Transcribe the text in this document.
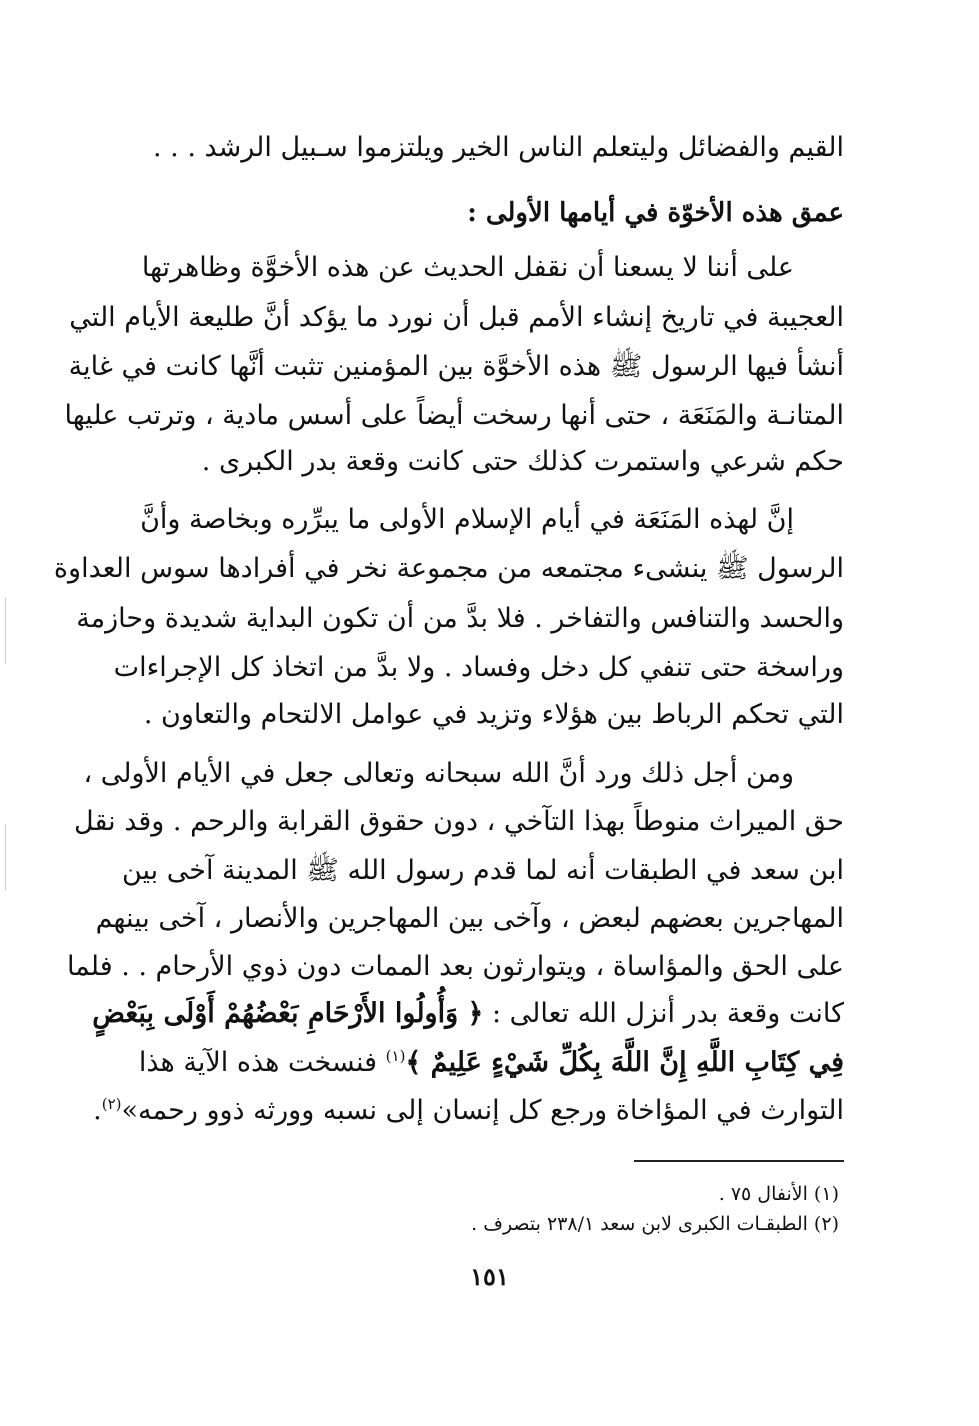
القيم والفضائل وليتعلم الناس الخير ويلتزموا سـبيل الرشد . . .
عمق هذه الأخوّة في أيامها الأولى :
على أننا لا يسعنا أن نقفل الحديث عن هذه الأخوَّة وظاهرتها
العجيبة في تاريخ إنشاء الأمم قبل أن نورد ما يؤكد أنَّ طليعة الأيام التي
أنشأ فيها الرسول ﷺ هذه الأخوَّة بين المؤمنين تثبت أنَّها كانت في غاية
المتانـة والمَنَعَة ، حتى أنها رسخت أيضاً على أسس مادية ، وترتب عليها
حكم شرعي واستمرت كذلك حتى كانت وقعة بدر الكبرى .
إنَّ لهذه المَنَعَة في أيام الإسلام الأولى ما يبرِّره وبخاصة وأنَّ
الرسول ﷺ ينشىء مجتمعه من مجموعة نخر في أفرادها سوس العداوة
والحسد والتنافس والتفاخر . فلا بدَّ من أن تكون البداية شديدة وحازمة
وراسخة حتى تنفي كل دخل وفساد . ولا بدَّ من اتخاذ كل الإجراءات
التي تحكم الرباط بين هؤلاء وتزيد في عوامل الالتحام والتعاون .
ومن أجل ذلك ورد أنَّ الله سبحانه وتعالى جعل في الأيام الأولى ،
حق الميراث منوطاً بهذا التآخي ، دون حقوق القرابة والرحم . وقد نقل
ابن سعد في الطبقات أنه لما قدم رسول الله ﷺ المدينة آخى بين
المهاجرين بعضهم لبعض ، وآخى بين المهاجرين والأنصار ، آخى بينهم
على الحق والمؤاساة ، ويتوارثون بعد الممات دون ذوي الأرحام . . فلما
كانت وقعة بدر أنزل الله تعالى : ﴿ وَأُولُوا الأَرْحَامِ بَعْضُهُمْ أَوْلَى بِبَعْضٍ
فِي كِتَابِ اللَّهِ إِنَّ اللَّهَ بِكُلِّ شَيْءٍ عَلِيمٌ ﴾$^{(١)}$ فنسخت هذه الآية هذا
التوارث في المؤاخاة ورجع كل إنسان إلى نسبه وورثه ذوو رحمه»$^{(٢)}$.
(١) الأنفال ٧٥ .
(٢) الطبقـات الكبرى لابن سعد ٢٣٨/١ بتصرف .
١٥١
